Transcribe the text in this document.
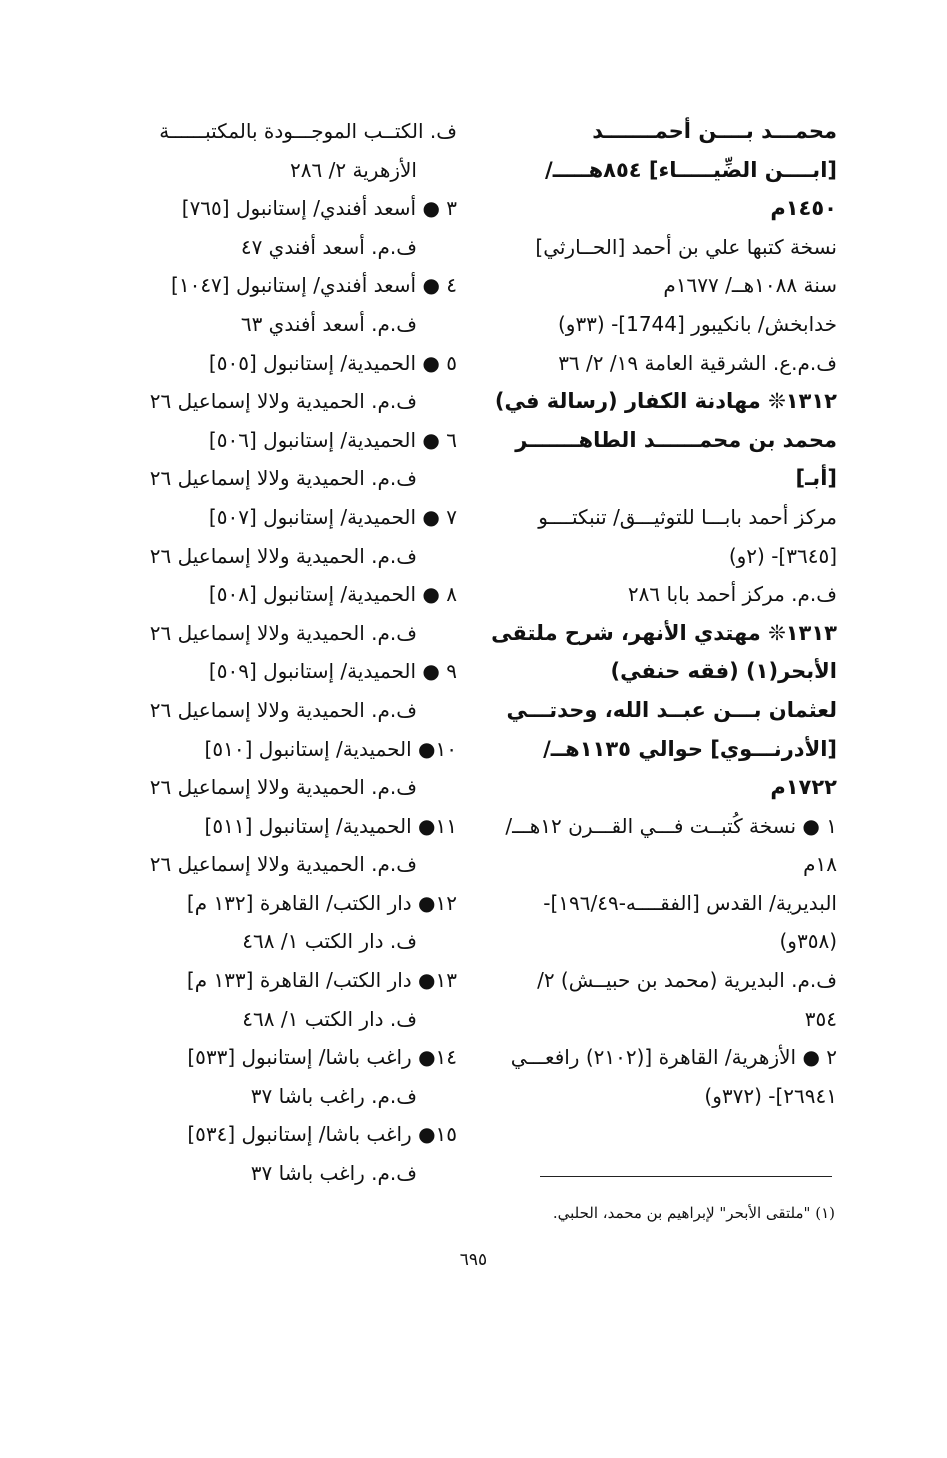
محمـــد بــــن أحمـــــــد
[ابــــن الضِّيـــــاء] ٨٥٤هـــــ/
١٤٥٠م
نسخة كتبها علي بن أحمد [الحــارثي]
سنة ١٠٨٨هــ/ ١٦٧٧م
خدابخش/ بانكيبور [1744]- (٣٣و)
ف.م.ع. الشرقية العامة ١٩/ ٢/ ٣٦
١٣١٢❊ مهادنة الكفار (رسالة في)
محمد بن محمــــــد الطاهـــــــر
[أبـ]
مركز أحمد بابـــا للتوثيـــق/ تنبكتــــو
[٣٦٤٥]- (٢و)
ف.م. مركز أحمد بابا ٢٨٦
١٣١٣❊ مهتدي الأنهر، شرح ملتقى
الأبحر(١) (فقه حنفي)
لعثمان بـــن عبــد الله، وحدتـــي
[الأدرنـــوي] حوالي ١١٣٥هــ/
١٧٢٢م
١ ● نسخة كُتبــت فـــي القـــرن ١٢هـــ/
١٨م
البديرية/ القدس [الفقــــه-١٩٦/٤٩]-
(٣٥٨و)
ف.م. البديرية (محمد بن حبيــش) ٢/
٣٥٤
٢ ● الأزهرية/ القاهرة [(٢١٠٢) رافعـــي
٢٦٩٤١]- (٣٧٢و)
ف. الكتــب الموجـــودة بالمكتبــــــة
الأزهرية ٢/ ٢٨٦
٣ ● أسعد أفندي/ إستانبول [٧٦٥]
ف.م. أسعد أفندي ٤٧
٤ ● أسعد أفندي/ إستانبول [١٠٤٧]
ف.م. أسعد أفندي ٦٣
٥ ● الحميدية/ إستانبول [٥٠٥]
ف.م. الحميدية ولالا إسماعيل ٢٦
٦ ● الحميدية/ إستانبول [٥٠٦]
ف.م. الحميدية ولالا إسماعيل ٢٦
٧ ● الحميدية/ إستانبول [٥٠٧]
ف.م. الحميدية ولالا إسماعيل ٢٦
٨ ● الحميدية/ إستانبول [٥٠٨]
ف.م. الحميدية ولالا إسماعيل ٢٦
٩ ● الحميدية/ إستانبول [٥٠٩]
ف.م. الحميدية ولالا إسماعيل ٢٦
١٠● الحميدية/ إستانبول [٥١٠]
ف.م. الحميدية ولالا إسماعيل ٢٦
١١● الحميدية/ إستانبول [٥١١]
ف.م. الحميدية ولالا إسماعيل ٢٦
١٢● دار الكتب/ القاهرة [١٣٢ م]
ف. دار الكتب ١/ ٤٦٨
١٣● دار الكتب/ القاهرة [١٣٣ م]
ف. دار الكتب ١/ ٤٦٨
١٤● راغب باشا/ إستانبول [٥٣٣]
ف.م. راغب باشا ٣٧
١٥● راغب باشا/ إستانبول [٥٣٤]
ف.م. راغب باشا ٣٧
(١) "ملتقى الأبحر" لإبراهيم بن محمد، الحلبي.
٦٩٥
